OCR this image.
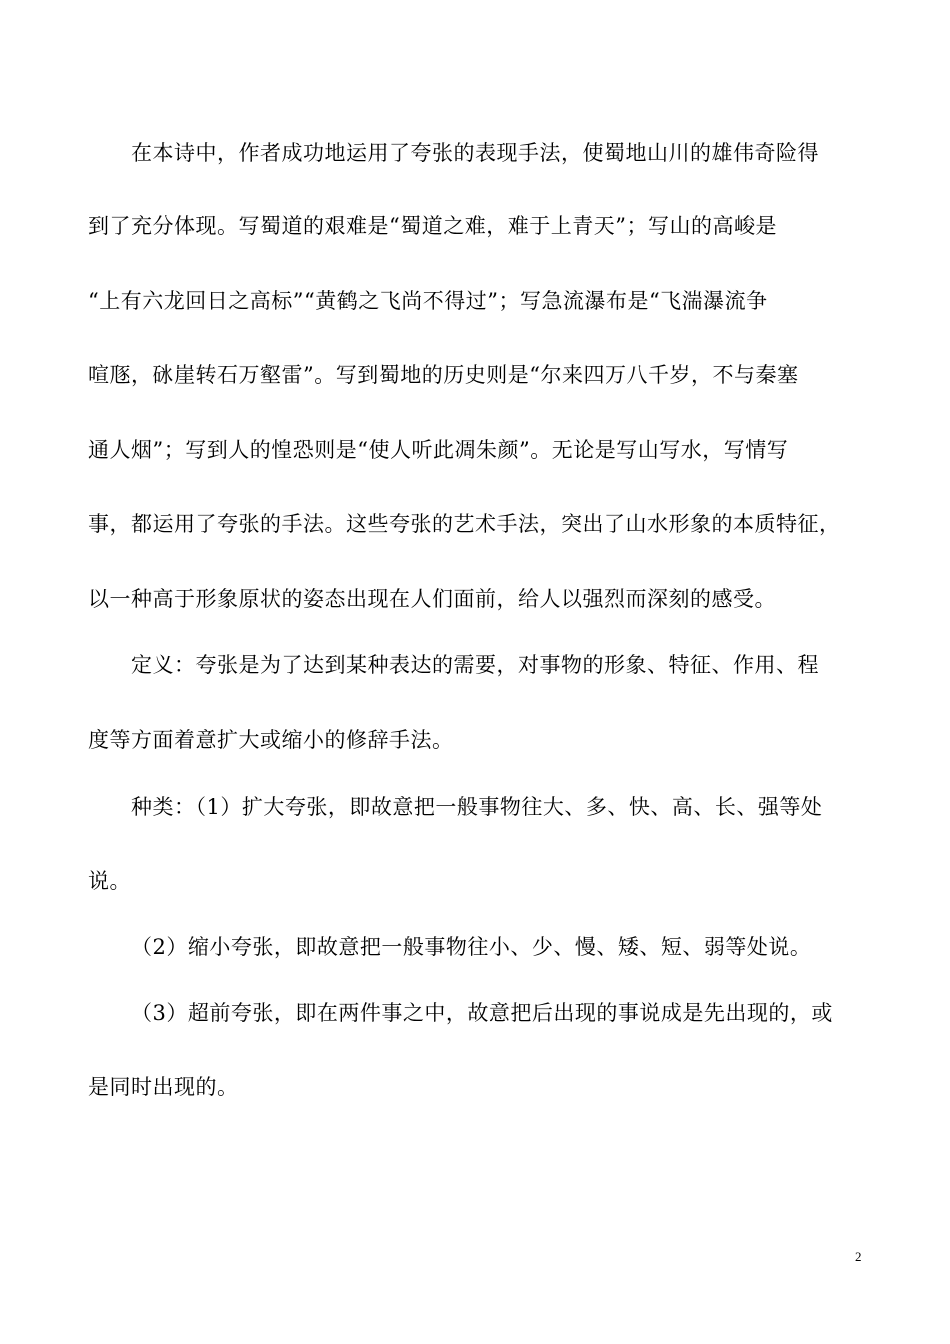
在本诗中，作者成功地运用了夸张的表现手法，使蜀地山川的雄伟奇险得
到了充分体现。写蜀道的艰难是“蜀道之难，难于上青天”；写山的高峻是
“上有六龙回日之高标”“黄鹤之飞尚不得过”；写急流瀑布是“飞湍瀑流争
喧豗，砯崖转石万壑雷”。写到蜀地的历史则是“尔来四万八千岁，不与秦塞
通人烟”；写到人的惶恐则是“使人听此凋朱颜”。无论是写山写水，写情写
事，都运用了夸张的手法。这些夸张的艺术手法，突出了山水形象的本质特征，
以一种高于形象原状的姿态出现在人们面前，给人以强烈而深刻的感受。
定义：夸张是为了达到某种表达的需要，对事物的形象、特征、作用、程
度等方面着意扩大或缩小的修辞手法。
种类：（1）扩大夸张，即故意把一般事物往大、多、快、高、长、强等处
说。
（2）缩小夸张，即故意把一般事物往小、少、慢、矮、短、弱等处说。
（3）超前夸张，即在两件事之中，故意把后出现的事说成是先出现的，或
是同时出现的。
2
